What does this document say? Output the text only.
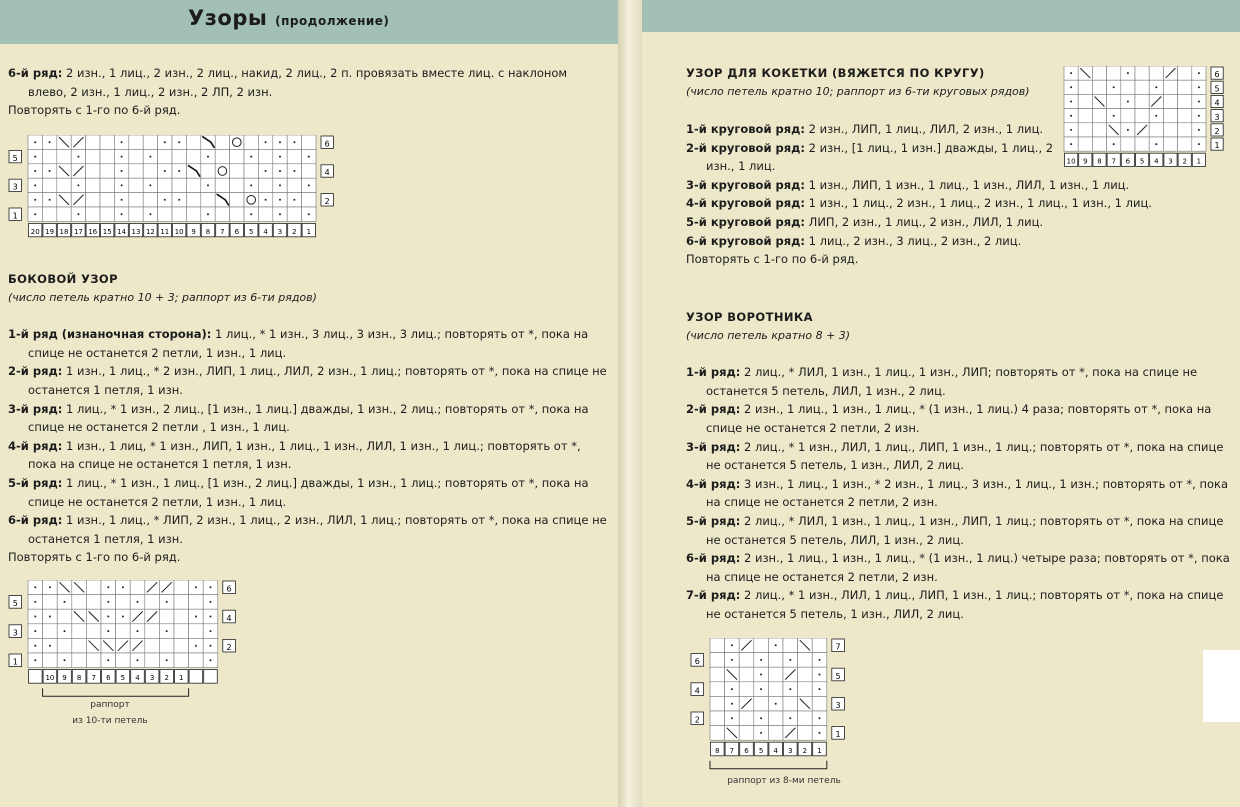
Узоры (продолжение)

6-й ряд: 2 изн., 1 лиц., 2 изн., 2 лиц., накид, 2 лиц., 2 п. провязать вместе лиц. с наклоном влево, 2 изн., 1 лиц., 2 изн., 2 ЛП, 2 изн.

Повторять с 1-го по 6-й ряд.

6
5
4
3
2
1
20 19 18 17 16 15 14 13 12 11 10 9 8 7 6 5 4 3 2 1

БОКОВОЙ УЗОР

(число петель кратно 10 + 3; раппорт из 6-ти рядов)

1-й ряд (изнаночная сторона): 1 лиц., * 1 изн., 3 лиц., 3 изн., 3 лиц.; повторять от *, пока на спице не останется 2 петли, 1 изн., 1 лиц.

2-й ряд: 1 изн., 1 лиц., * 2 изн., ЛИП, 1 лиц., ЛИЛ, 2 изн., 1 лиц.; повторять от *, пока на спице не останется 1 петля, 1 изн.

3-й ряд: 1 лиц., * 1 изн., 2 лиц., [1 изн., 1 лиц.] дважды, 1 изн., 2 лиц.; повторять от *, пока на спице не останется 2 петли , 1 изн., 1 лиц.

4-й ряд: 1 изн., 1 лиц, * 1 изн., ЛИП, 1 изн., 1 лиц., 1 изн., ЛИЛ, 1 изн., 1 лиц.; повторять от *, пока на спице не останется 1 петля, 1 изн.

5-й ряд: 1 лиц., * 1 изн., 1 лиц., [1 изн., 2 лиц.] дважды, 1 изн., 1 лиц.; повторять от *, пока на спице не останется 2 петли, 1 изн., 1 лиц.

6-й ряд: 1 изн., 1 лиц., * ЛИП, 2 изн., 1 лиц., 2 изн., ЛИЛ, 1 лиц.; повторять от *, пока на спице не останется 1 петля, 1 изн.

Повторять с 1-го по 6-й ряд.

6
5
4
3
2
1
10 9 8 7 6 5 4 3 2 1
раппорт
из 10-ти петель

УЗОР ДЛЯ КОКЕТКИ (ВЯЖЕТСЯ ПО КРУГУ)

(число петель кратно 10; раппорт из 6-ти круговых рядов)

1-й круговой ряд: 2 изн., ЛИП, 1 лиц., ЛИЛ, 2 изн., 1 лиц.

2-й круговой ряд: 2 изн., [1 лиц., 1 изн.] дважды, 1 лиц., 2 изн., 1 лиц.

3-й круговой ряд: 1 изн., ЛИП, 1 изн., 1 лиц., 1 изн., ЛИЛ, 1 изн., 1 лиц.

4-й круговой ряд: 1 изн., 1 лиц., 2 изн., 1 лиц., 2 изн., 1 лиц., 1 изн., 1 лиц.

5-й круговой ряд: ЛИП, 2 изн., 1 лиц., 2 изн., ЛИЛ, 1 лиц.

6-й круговой ряд: 1 лиц., 2 изн., 3 лиц., 2 изн., 2 лиц.

Повторять с 1-го по 6-й ряд.

6
5
4
3
2
1
10 9 8 7 6 5 4 3 2 1

УЗОР ВОРОТНИКА

(число петель кратно 8 + 3)

1-й ряд: 2 лиц., * ЛИЛ, 1 изн., 1 лиц., 1 изн., ЛИП; повторять от *, пока на спице не останется 5 петель, ЛИЛ, 1 изн., 2 лиц.

2-й ряд: 2 изн., 1 лиц., 1 изн., 1 лиц., * (1 изн., 1 лиц.) 4 раза; повторять от *, пока на спице не останется 2 петли, 2 изн.

3-й ряд: 2 лиц., * 1 изн., ЛИЛ, 1 лиц., ЛИП, 1 изн., 1 лиц.; повторять от *, пока на спице не останется 5 петель, 1 изн., ЛИЛ, 2 лиц.

4-й ряд: 3 изн., 1 лиц., 1 изн., * 2 изн., 1 лиц., 3 изн., 1 лиц., 1 изн.; повторять от *, пока на спице не останется 2 петли, 2 изн.

5-й ряд: 2 лиц., * ЛИЛ, 1 изн., 1 лиц., 1 изн., ЛИП, 1 лиц.; повторять от *, пока на спице не останется 5 петель, ЛИЛ, 1 изн., 2 лиц.

6-й ряд: 2 изн., 1 лиц., 1 изн., 1 лиц., * (1 изн., 1 лиц.) четыре раза; повторять от *, пока на спице не останется 2 петли, 2 изн.

7-й ряд: 2 лиц., * 1 изн., ЛИЛ, 1 лиц., ЛИП, 1 изн., 1 лиц.; повторять от *, пока на спице не останется 5 петель, 1 изн., ЛИЛ, 2 лиц.

7
6
5
4
3
2
1
8 7 6 5 4 3 2 1
раппорт из 8-ми петель
